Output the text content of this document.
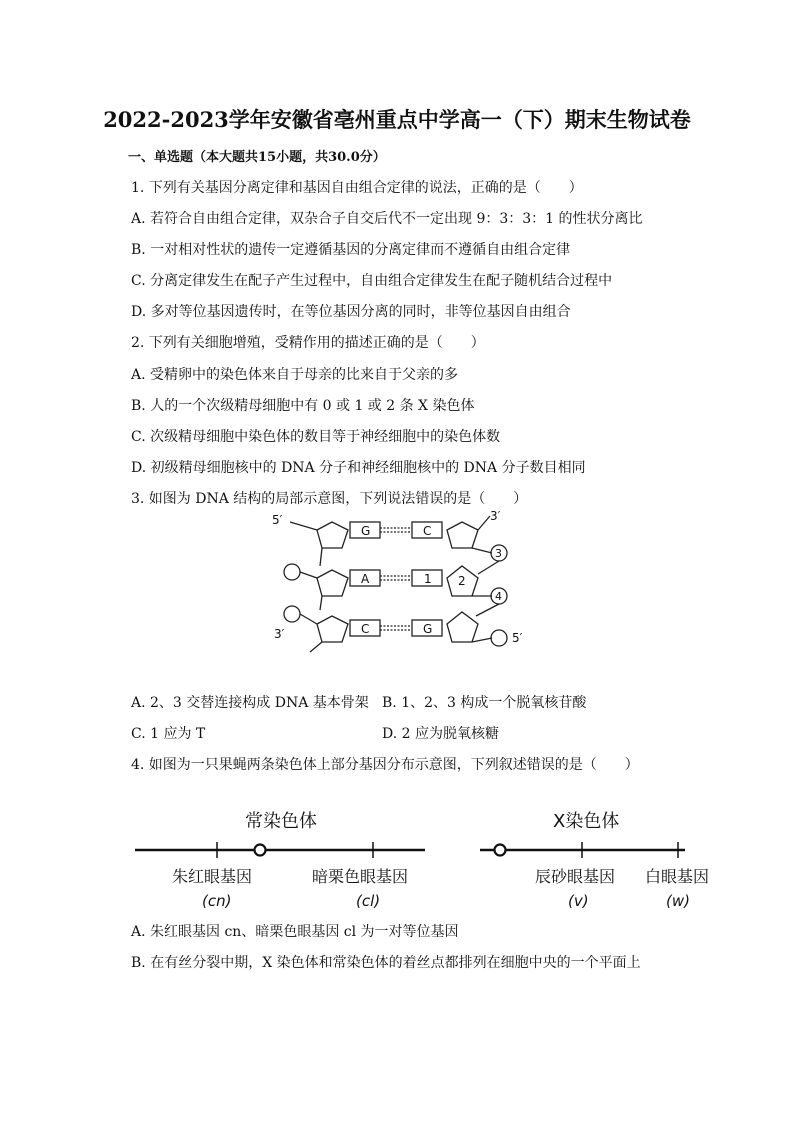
2022-2023学年安徽省亳州重点中学高一（下）期末生物试卷
一、单选题（本大题共15小题，共30.0分）
1. 下列有关基因分离定律和基因自由组合定律的说法，正确的是（　　）
A. 若符合自由组合定律，双杂合子自交后代不一定出现 9：3：3：1 的性状分离比
B. 一对相对性状的遗传一定遵循基因的分离定律而不遵循自由组合定律
C. 分离定律发生在配子产生过程中，自由组合定律发生在配子随机结合过程中
D. 多对等位基因遗传时，在等位基因分离的同时，非等位基因自由组合
2. 下列有关细胞增殖，受精作用的描述正确的是（　　）
A. 受精卵中的染色体来自于母亲的比来自于父亲的多
B. 人的一个次级精母细胞中有 0 或 1 或 2 条 X 染色体
C. 次级精母细胞中染色体的数目等于神经细胞中的染色体数
D. 初级精母细胞核中的 DNA 分子和神经细胞核中的 DNA 分子数目相同
3. 如图为 DNA 结构的局部示意图，下列说法错误的是（　　）
5′	3′
3′	5′
G	C
A	1
C	G
2
3
4
A. 2、3 交替连接构成 DNA 基本骨架 B. 1、2、3 构成一个脱氧核苷酸
C. 1 应为 T	D. 2 应为脱氧核糖
4. 如图为一只果蝇两条染色体上部分基因分布示意图，下列叙述错误的是（　　）
常染色体	X染色体
朱红眼基因	暗栗色眼基因	辰砂眼基因 白眼基因
(cn)	(cl)	(v)	(w)
A. 朱红眼基因 cn、暗栗色眼基因 cl 为一对等位基因
B. 在有丝分裂中期，X 染色体和常染色体的着丝点都排列在细胞中央的一个平面上
